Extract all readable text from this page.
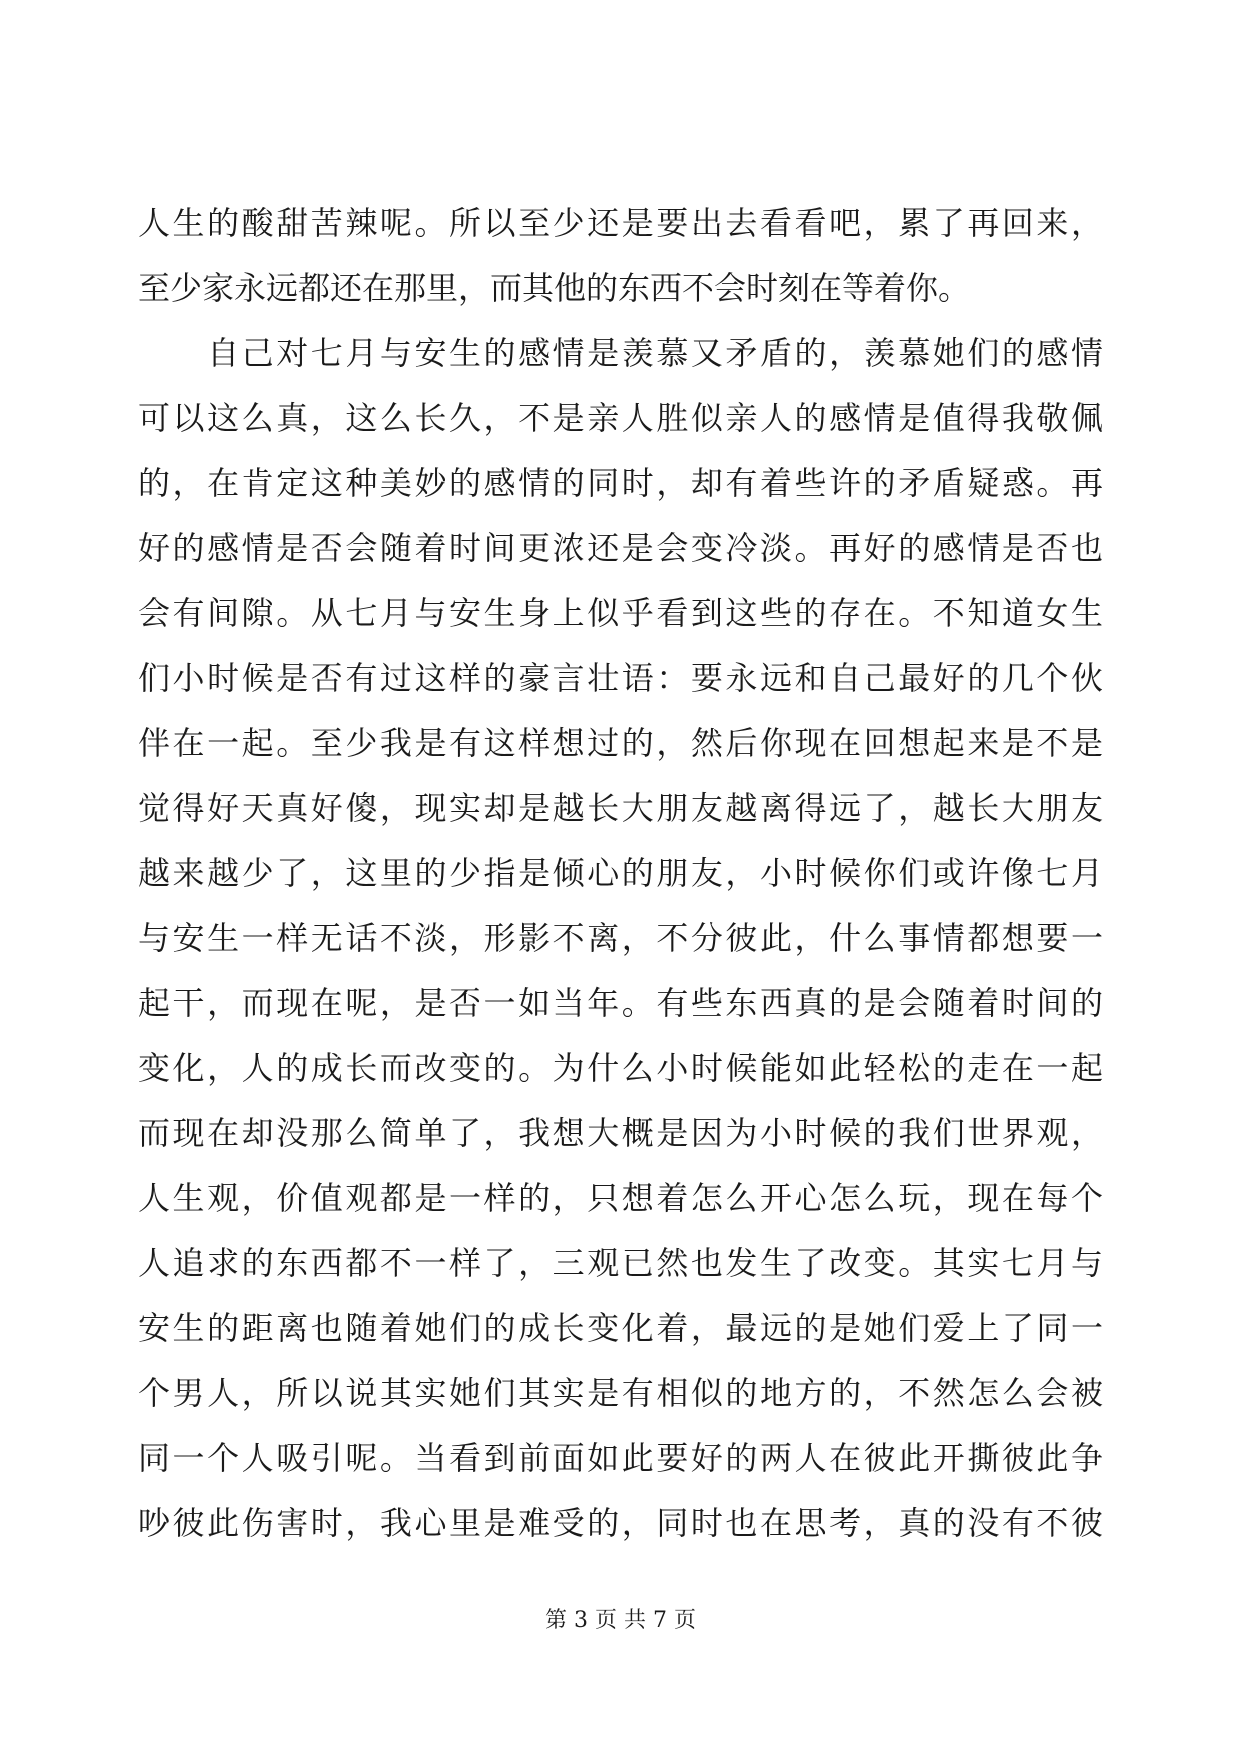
人生的酸甜苦辣呢。所以至少还是要出去看看吧，累了再回来，
至少家永远都还在那里，而其他的东西不会时刻在等着你。
　　自己对七月与安生的感情是羡慕又矛盾的，羡慕她们的感情
可以这么真，这么长久，不是亲人胜似亲人的感情是值得我敬佩
的，在肯定这种美妙的感情的同时，却有着些许的矛盾疑惑。再
好的感情是否会随着时间更浓还是会变冷淡。再好的感情是否也
会有间隙。从七月与安生身上似乎看到这些的存在。不知道女生
们小时候是否有过这样的豪言壮语：要永远和自己最好的几个伙
伴在一起。至少我是有这样想过的，然后你现在回想起来是不是
觉得好天真好傻，现实却是越长大朋友越离得远了，越长大朋友
越来越少了，这里的少指是倾心的朋友，小时候你们或许像七月
与安生一样无话不淡，形影不离，不分彼此，什么事情都想要一
起干，而现在呢，是否一如当年。有些东西真的是会随着时间的
变化，人的成长而改变的。为什么小时候能如此轻松的走在一起
而现在却没那么简单了，我想大概是因为小时候的我们世界观，
人生观，价值观都是一样的，只想着怎么开心怎么玩，现在每个
人追求的东西都不一样了，三观已然也发生了改变。其实七月与
安生的距离也随着她们的成长变化着，最远的是她们爱上了同一
个男人，所以说其实她们其实是有相似的地方的，不然怎么会被
同一个人吸引呢。当看到前面如此要好的两人在彼此开撕彼此争
吵彼此伤害时，我心里是难受的，同时也在思考，真的没有不彼
第 3 页 共 7 页
